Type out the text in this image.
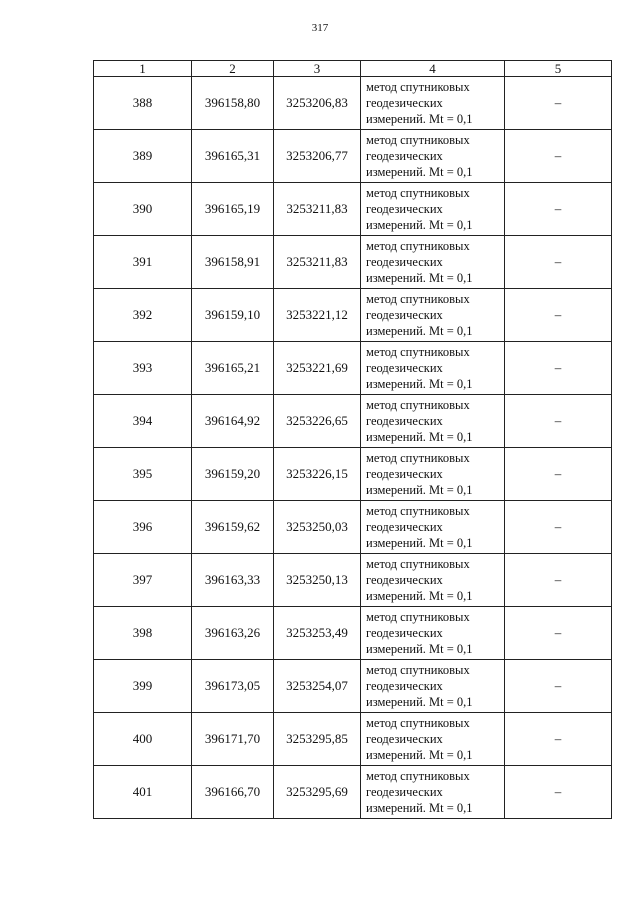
317
1	2	3	4	5
388	396158,80	3253206,83	метод спутниковых
геодезических
измерений. Mt = 0,1	–
389	396165,31	3253206,77	метод спутниковых
геодезических
измерений. Mt = 0,1	–
390	396165,19	3253211,83	метод спутниковых
геодезических
измерений. Mt = 0,1	–
391	396158,91	3253211,83	метод спутниковых
геодезических
измерений. Mt = 0,1	–
392	396159,10	3253221,12	метод спутниковых
геодезических
измерений. Mt = 0,1	–
393	396165,21	3253221,69	метод спутниковых
геодезических
измерений. Mt = 0,1	–
394	396164,92	3253226,65	метод спутниковых
геодезических
измерений. Mt = 0,1	–
395	396159,20	3253226,15	метод спутниковых
геодезических
измерений. Mt = 0,1	–
396	396159,62	3253250,03	метод спутниковых
геодезических
измерений. Mt = 0,1	–
397	396163,33	3253250,13	метод спутниковых
геодезических
измерений. Mt = 0,1	–
398	396163,26	3253253,49	метод спутниковых
геодезических
измерений. Mt = 0,1	–
399	396173,05	3253254,07	метод спутниковых
геодезических
измерений. Mt = 0,1	–
400	396171,70	3253295,85	метод спутниковых
геодезических
измерений. Mt = 0,1	–
401	396166,70	3253295,69	метод спутниковых
геодезических
измерений. Mt = 0,1	–
